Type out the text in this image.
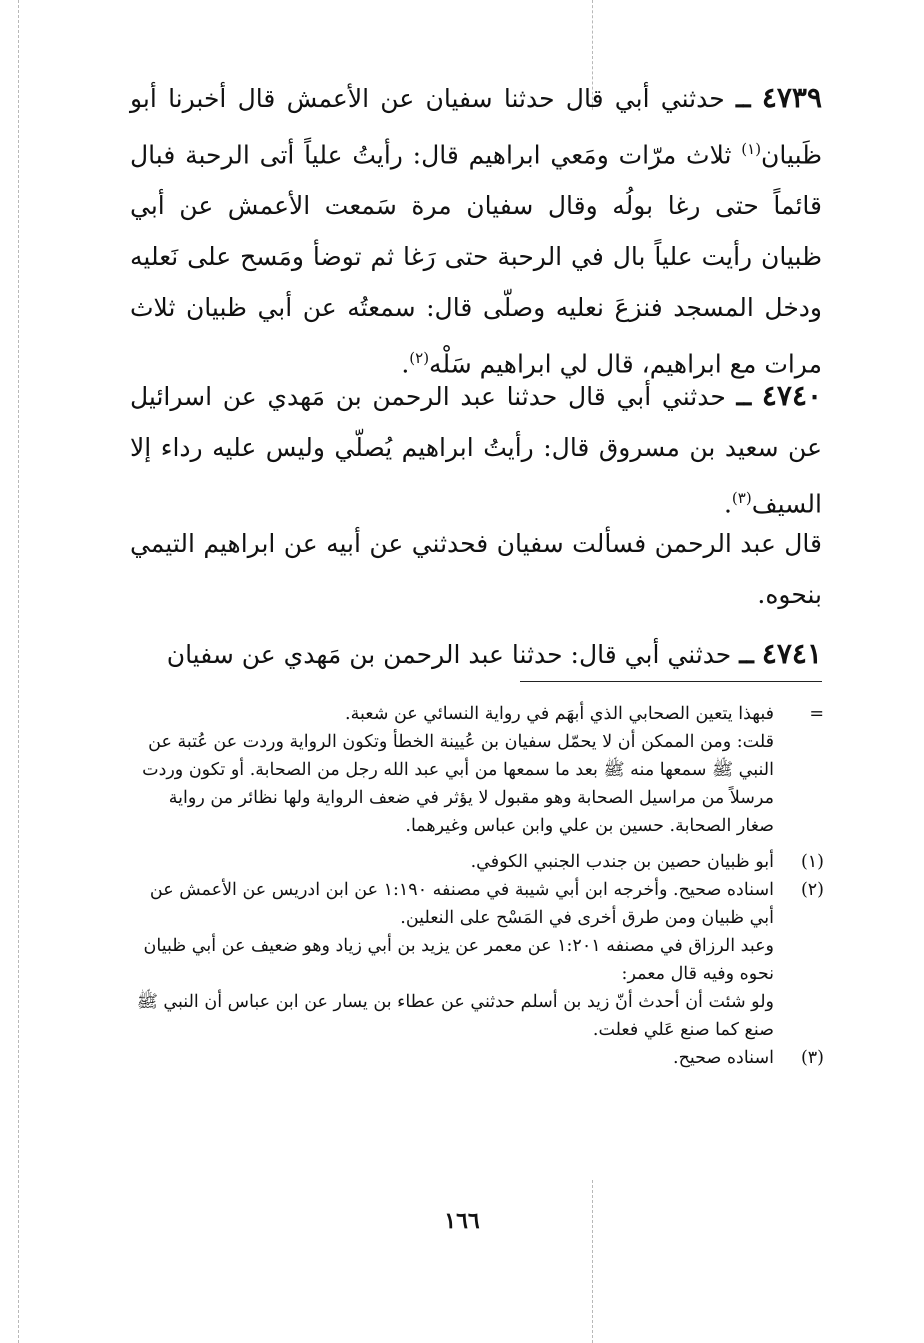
٤٧٣٩ ــ حدثني أبي قال حدثنا سفيان عن الأعمش قال أخبرنا أبو ظَبيان$^{(١)}$ ثلاث مرّات ومَعي ابراهيم قال: رأيتُ علياً أتى الرحبة فبال قائماً حتى رغا بولُه وقال سفيان مرة سَمعت الأعمش عن أبي ظبيان رأيت علياً بال في الرحبة حتى رَغا ثم توضأ ومَسح على نَعليه ودخل المسجد فنزعَ نعليه وصلّى قال: سمعتُه عن أبي ظبيان ثلاث مرات مع ابراهيم، قال لي ابراهيم سَلْه$^{(٢)}$.

٤٧٤٠ ــ حدثني أبي قال حدثنا عبد الرحمن بن مَهدي عن اسرائيل عن سعيد بن مسروق قال: رأيتُ ابراهيم يُصلّي وليس عليه رداء إلا السيف$^{(٣)}$.

قال عبد الرحمن فسألت سفيان فحدثني عن أبيه عن ابراهيم التيمي بنحوه.

٤٧٤١ ــ حدثني أبي قال: حدثنا عبد الرحمن بن مَهدي عن سفيان

=

فبهذا يتعين الصحابي الذي أبهَم في رواية النسائي عن شعبة.

قلت: ومن الممكن أن لا يحمّل سفيان بن عُيينة الخطأ وتكون الرواية وردت عن عُتبة عن النبي ﷺ سمعها منه ﷺ بعد ما سمعها من أبي عبد الله رجل من الصحابة. أو تكون وردت مرسلاً من مراسيل الصحابة وهو مقبول لا يؤثر في ضعف الرواية ولها نظائر من رواية صغار الصحابة. حسين بن علي وابن عباس وغيرهما.

(١)

أبو ظبيان حصين بن جندب الجنبي الكوفي.

(٢)

اسناده صحيح. وأخرجه ابن أبي شيبة في مصنفه ١:١٩٠ عن ابن ادريس عن الأعمش عن أبي ظبيان ومن طرق أخرى في المَسْح على النعلين.

وعبد الرزاق في مصنفه ١:٢٠١ عن معمر عن يزيد بن أبي زياد وهو ضعيف عن أبي ظبيان نحوه وفيه قال معمر:

ولو شئت أن أحدث أنّ زيد بن أسلم حدثني عن عطاء بن يسار عن ابن عباس أن النبي ﷺ صنع كما صنع عَلي فعلت.

(٣)

اسناده صحيح.

١٦٦
